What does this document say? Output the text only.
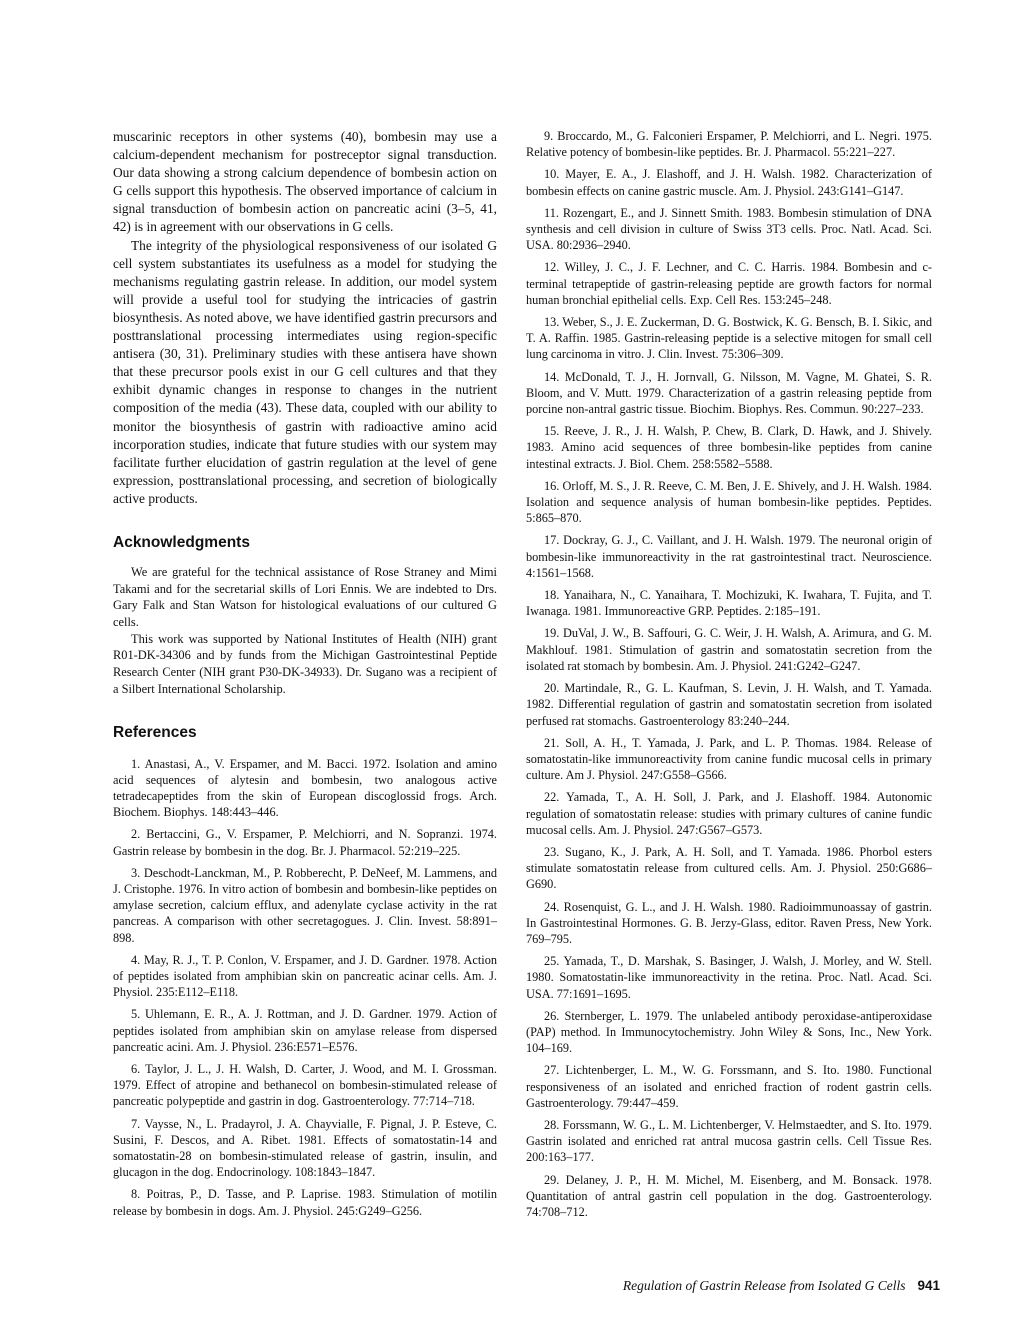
muscarinic receptors in other systems (40), bombesin may use a calcium-dependent mechanism for postreceptor signal transduction. Our data showing a strong calcium dependence of bombesin action on G cells support this hypothesis. The observed importance of calcium in signal transduction of bombesin action on pancreatic acini (3–5, 41, 42) is in agreement with our observations in G cells.

The integrity of the physiological responsiveness of our isolated G cell system substantiates its usefulness as a model for studying the mechanisms regulating gastrin release. In addition, our model system will provide a useful tool for studying the intricacies of gastrin biosynthesis. As noted above, we have identified gastrin precursors and posttranslational processing intermediates using region-specific antisera (30, 31). Preliminary studies with these antisera have shown that these precursor pools exist in our G cell cultures and that they exhibit dynamic changes in response to changes in the nutrient composition of the media (43). These data, coupled with our ability to monitor the biosynthesis of gastrin with radioactive amino acid incorporation studies, indicate that future studies with our system may facilitate further elucidation of gastrin regulation at the level of gene expression, posttranslational processing, and secretion of biologically active products.

Acknowledgments

We are grateful for the technical assistance of Rose Straney and Mimi Takami and for the secretarial skills of Lori Ennis. We are indebted to Drs. Gary Falk and Stan Watson for histological evaluations of our cultured G cells.

This work was supported by National Institutes of Health (NIH) grant R01-DK-34306 and by funds from the Michigan Gastrointestinal Peptide Research Center (NIH grant P30-DK-34933). Dr. Sugano was a recipient of a Silbert International Scholarship.

References

1. Anastasi, A., V. Erspamer, and M. Bacci. 1972. Isolation and amino acid sequences of alytesin and bombesin, two analogous active tetradecapeptides from the skin of European discoglossid frogs. Arch. Biochem. Biophys. 148:443–446.

2. Bertaccini, G., V. Erspamer, P. Melchiorri, and N. Sopranzi. 1974. Gastrin release by bombesin in the dog. Br. J. Pharmacol. 52:219–225.

3. Deschodt-Lanckman, M., P. Robberecht, P. DeNeef, M. Lammens, and J. Cristophe. 1976. In vitro action of bombesin and bombesin-like peptides on amylase secretion, calcium efflux, and adenylate cyclase activity in the rat pancreas. A comparison with other secretagogues. J. Clin. Invest. 58:891–898.

4. May, R. J., T. P. Conlon, V. Erspamer, and J. D. Gardner. 1978. Action of peptides isolated from amphibian skin on pancreatic acinar cells. Am. J. Physiol. 235:E112–E118.

5. Uhlemann, E. R., A. J. Rottman, and J. D. Gardner. 1979. Action of peptides isolated from amphibian skin on amylase release from dispersed pancreatic acini. Am. J. Physiol. 236:E571–E576.

6. Taylor, J. L., J. H. Walsh, D. Carter, J. Wood, and M. I. Grossman. 1979. Effect of atropine and bethanecol on bombesin-stimulated release of pancreatic polypeptide and gastrin in dog. Gastroenterology. 77:714–718.

7. Vaysse, N., L. Pradayrol, J. A. Chayvialle, F. Pignal, J. P. Esteve, C. Susini, F. Descos, and A. Ribet. 1981. Effects of somatostatin-14 and somatostatin-28 on bombesin-stimulated release of gastrin, insulin, and glucagon in the dog. Endocrinology. 108:1843–1847.

8. Poitras, P., D. Tasse, and P. Laprise. 1983. Stimulation of motilin release by bombesin in dogs. Am. J. Physiol. 245:G249–G256.

9. Broccardo, M., G. Falconieri Erspamer, P. Melchiorri, and L. Negri. 1975. Relative potency of bombesin-like peptides. Br. J. Pharmacol. 55:221–227.

10. Mayer, E. A., J. Elashoff, and J. H. Walsh. 1982. Characterization of bombesin effects on canine gastric muscle. Am. J. Physiol. 243:G141–G147.

11. Rozengart, E., and J. Sinnett Smith. 1983. Bombesin stimulation of DNA synthesis and cell division in culture of Swiss 3T3 cells. Proc. Natl. Acad. Sci. USA. 80:2936–2940.

12. Willey, J. C., J. F. Lechner, and C. C. Harris. 1984. Bombesin and c-terminal tetrapeptide of gastrin-releasing peptide are growth factors for normal human bronchial epithelial cells. Exp. Cell Res. 153:245–248.

13. Weber, S., J. E. Zuckerman, D. G. Bostwick, K. G. Bensch, B. I. Sikic, and T. A. Raffin. 1985. Gastrin-releasing peptide is a selective mitogen for small cell lung carcinoma in vitro. J. Clin. Invest. 75:306–309.

14. McDonald, T. J., H. Jornvall, G. Nilsson, M. Vagne, M. Ghatei, S. R. Bloom, and V. Mutt. 1979. Characterization of a gastrin releasing peptide from porcine non-antral gastric tissue. Biochim. Biophys. Res. Commun. 90:227–233.

15. Reeve, J. R., J. H. Walsh, P. Chew, B. Clark, D. Hawk, and J. Shively. 1983. Amino acid sequences of three bombesin-like peptides from canine intestinal extracts. J. Biol. Chem. 258:5582–5588.

16. Orloff, M. S., J. R. Reeve, C. M. Ben, J. E. Shively, and J. H. Walsh. 1984. Isolation and sequence analysis of human bombesin-like peptides. Peptides. 5:865–870.

17. Dockray, G. J., C. Vaillant, and J. H. Walsh. 1979. The neuronal origin of bombesin-like immunoreactivity in the rat gastrointestinal tract. Neuroscience. 4:1561–1568.

18. Yanaihara, N., C. Yanaihara, T. Mochizuki, K. Iwahara, T. Fujita, and T. Iwanaga. 1981. Immunoreactive GRP. Peptides. 2:185–191.

19. DuVal, J. W., B. Saffouri, G. C. Weir, J. H. Walsh, A. Arimura, and G. M. Makhlouf. 1981. Stimulation of gastrin and somatostatin secretion from the isolated rat stomach by bombesin. Am. J. Physiol. 241:G242–G247.

20. Martindale, R., G. L. Kaufman, S. Levin, J. H. Walsh, and T. Yamada. 1982. Differential regulation of gastrin and somatostatin secretion from isolated perfused rat stomachs. Gastroenterology 83:240–244.

21. Soll, A. H., T. Yamada, J. Park, and L. P. Thomas. 1984. Release of somatostatin-like immunoreactivity from canine fundic mucosal cells in primary culture. Am J. Physiol. 247:G558–G566.

22. Yamada, T., A. H. Soll, J. Park, and J. Elashoff. 1984. Autonomic regulation of somatostatin release: studies with primary cultures of canine fundic mucosal cells. Am. J. Physiol. 247:G567–G573.

23. Sugano, K., J. Park, A. H. Soll, and T. Yamada. 1986. Phorbol esters stimulate somatostatin release from cultured cells. Am. J. Physiol. 250:G686–G690.

24. Rosenquist, G. L., and J. H. Walsh. 1980. Radioimmunoassay of gastrin. In Gastrointestinal Hormones. G. B. Jerzy-Glass, editor. Raven Press, New York. 769–795.

25. Yamada, T., D. Marshak, S. Basinger, J. Walsh, J. Morley, and W. Stell. 1980. Somatostatin-like immunoreactivity in the retina. Proc. Natl. Acad. Sci. USA. 77:1691–1695.

26. Sternberger, L. 1979. The unlabeled antibody peroxidase-antiperoxidase (PAP) method. In Immunocytochemistry. John Wiley & Sons, Inc., New York. 104–169.

27. Lichtenberger, L. M., W. G. Forssmann, and S. Ito. 1980. Functional responsiveness of an isolated and enriched fraction of rodent gastrin cells. Gastroenterology. 79:447–459.

28. Forssmann, W. G., L. M. Lichtenberger, V. Helmstaedter, and S. Ito. 1979. Gastrin isolated and enriched rat antral mucosa gastrin cells. Cell Tissue Res. 200:163–177.

29. Delaney, J. P., H. M. Michel, M. Eisenberg, and M. Bonsack. 1978. Quantitation of antral gastrin cell population in the dog. Gastroenterology. 74:708–712.

Regulation of Gastrin Release from Isolated G Cells 941
